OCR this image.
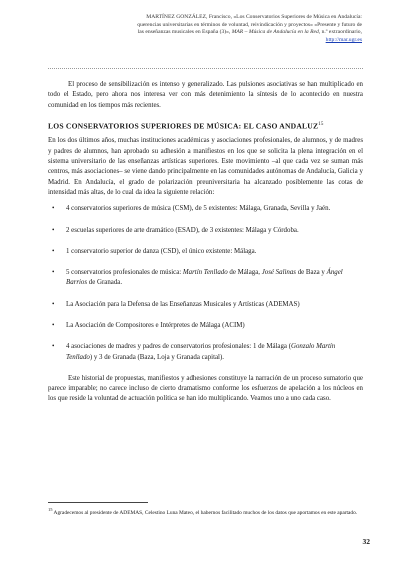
MARTÍNEZ GONZÁLEZ, Francisco, «Los Conservatorios Superiores de Música en Andalucía:
querencias universitarias en términos de voluntad, reivindicación y proyectos» «Presente y futuro de
las enseñanzas musicales en España (3)», MAR – Música de Andalucía en la Red, n.º extraordinario,
http://mar.ugr.es

El proceso de sensibilización es intenso y generalizado. Las pulsiones asociativas se han multiplicado en todo el Estado, pero ahora nos interesa ver con más detenimiento la síntesis de lo acontecido en nuestra comunidad en los tiempos más recientes.

LOS CONSERVATORIOS SUPERIORES DE MÚSICA: EL CASO ANDALUZ$^{15}$

En los dos últimos años, muchas instituciones académicas y asociaciones profesionales, de alumnos, y de madres y padres de alumnos, han aprobado su adhesión a manifiestos en los que se solicita la plena integración en el sistema universitario de las enseñanzas artísticas superiores. Este movimiento –al que cada vez se suman más centros, más asociaciones– se viene dando principalmente en las comunidades autónomas de Andalucía, Galicia y Madrid. En Andalucía, el grado de polarización preuniversitaria ha alcanzado posiblemente las cotas de intensidad más altas, de lo cual da idea la siguiente relación:

• 4 conservatorios superiores de música (CSM), de 5 existentes: Málaga, Granada, Sevilla y Jaén.
• 2 escuelas superiores de arte dramático (ESAD), de 3 existentes: Málaga y Córdoba.
• 1 conservatorio superior de danza (CSD), el único existente: Málaga.
• 5 conservatorios profesionales de música: Martín Tenllado de Málaga, José Salinas de Baza y Ángel Barrios de Granada.
• La Asociación para la Defensa de las Enseñanzas Musicales y Artísticas (ADEMAS)
• La Asociación de Compositores e Intérpretes de Málaga (ACIM)
• 4 asociaciones de madres y padres de conservatorios profesionales: 1 de Málaga (Gonzalo Martín Tenllado) y 3 de Granada (Baza, Loja y Granada capital).

Este historial de propuestas, manifiestos y adhesiones constituye la narración de un proceso sumatorio que parece imparable; no carece incluso de cierto dramatismo conforme los esfuerzos de apelación a los núcleos en los que reside la voluntad de actuación política se han ido multiplicando. Veamos uno a uno cada caso.

$^{15}$ Agradecemos al presidente de ADEMAS, Celestino Luna Mateo, el habernos facilitado muchos de los datos que aportamos en este apartado.
32
